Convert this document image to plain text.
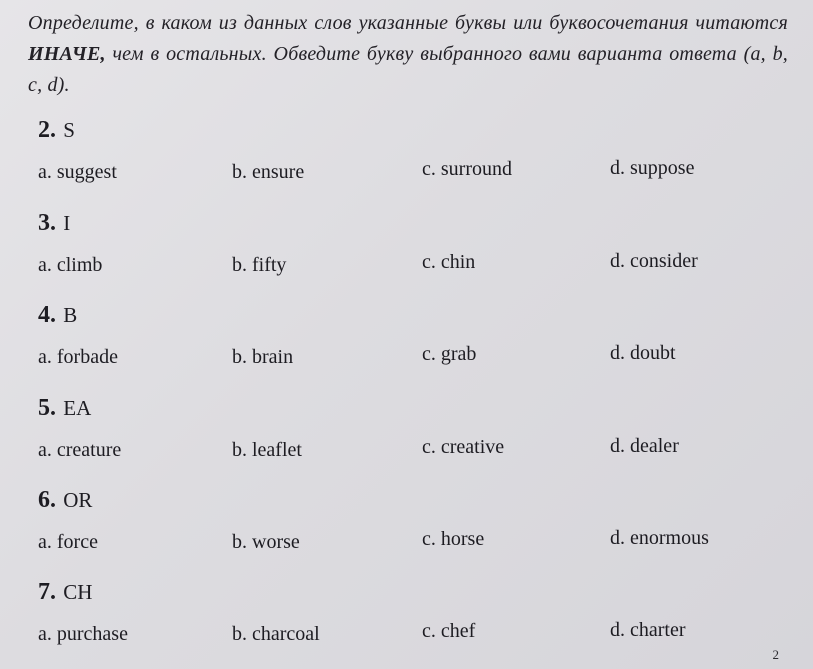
Определите, в каком из данных слов указанные буквы или буквосочетания читаются ИНАЧЕ, чем в остальных. Обведите букву выбранного вами варианта ответа (a, b, c, d).
2. S
a. suggest	b. ensure	c. surround	d. suppose
3. I
a. climb	b. fifty	c. chin	d. consider
4. B
a. forbade	b. brain	c. grab	d. doubt
5. EA
a. creature	b. leaflet	c. creative	d. dealer
6. OR
a. force	b. worse	c. horse	d. enormous
7. CH
a. purchase	b. charcoal	c. chef	d. charter
2
